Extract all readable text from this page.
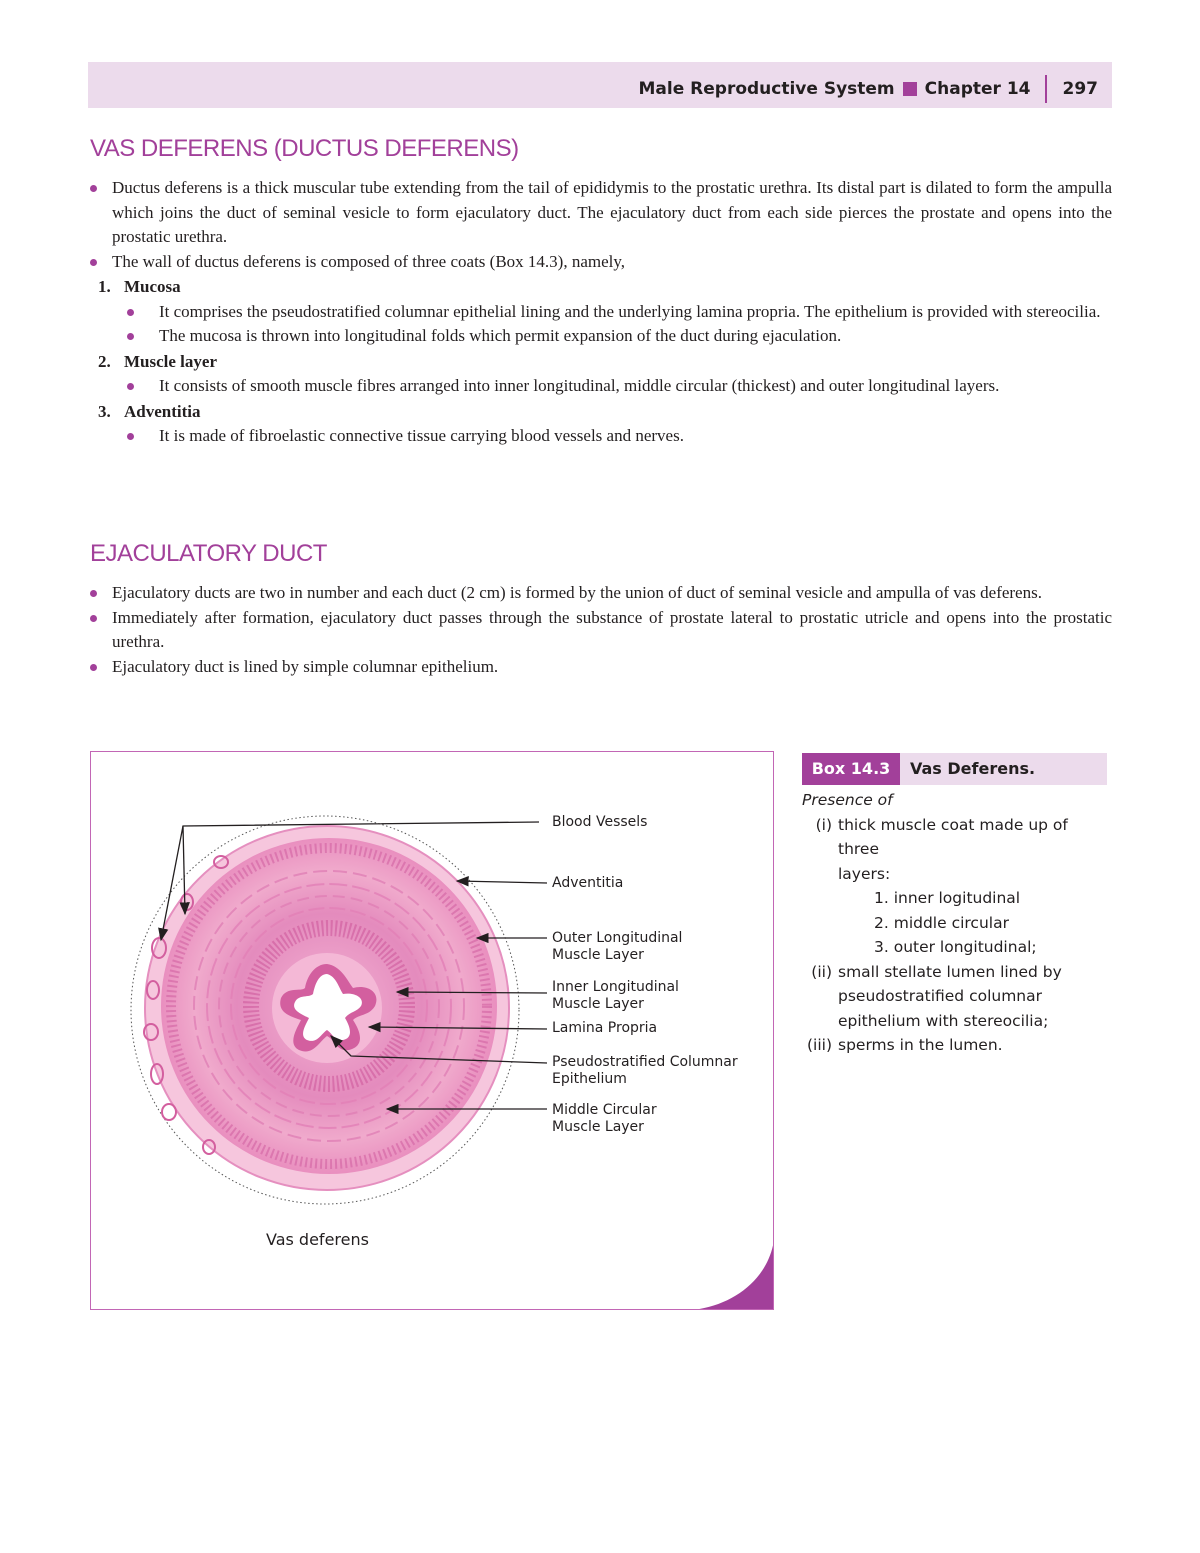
Male Reproductive System Chapter 14 297
VAS DEFERENS (DUCTUS DEFERENS)
Ductus deferens is a thick muscular tube extending from the tail of epididymis to the prostatic urethra. Its distal part is dilated to form the ampulla which joins the duct of seminal vesicle to form ejaculatory duct. The ejaculatory duct from each side pierces the prostate and opens into the prostatic urethra.
The wall of ductus deferens is composed of three coats (Box 14.3), namely,
1. Mucosa
It comprises the pseudostratified columnar epithelial lining and the underlying lamina propria. The epithelium is provided with stereocilia.
The mucosa is thrown into longitudinal folds which permit expansion of the duct during ejaculation.
2. Muscle layer
It consists of smooth muscle fibres arranged into inner longitudinal, middle circular (thickest) and outer longitudinal layers.
3. Adventitia
It is made of fibroelastic connective tissue carrying blood vessels and nerves.
EJACULATORY DUCT
Ejaculatory ducts are two in number and each duct (2 cm) is formed by the union of duct of seminal vesicle and ampulla of vas deferens.
Immediately after formation, ejaculatory duct passes through the substance of prostate lateral to prostatic utricle and opens into the prostatic urethra.
Ejaculatory duct is lined by simple columnar epithelium.
Blood Vessels
Adventitia
Outer Longitudinal
Muscle Layer
Inner Longitudinal
Muscle Layer
Lamina Propria
Pseudostratified Columnar
Epithelium
Middle Circular
Muscle Layer
Vas deferens
Box 14.3	Vas Deferens.
Presence of
(i) thick muscle coat made up of three
layers:
1. inner logitudinal
2. middle circular
3. outer longitudinal;
(ii) small stellate lumen lined by pseudostratified columnar epithelium with stereocilia;
(iii) sperms in the lumen.
